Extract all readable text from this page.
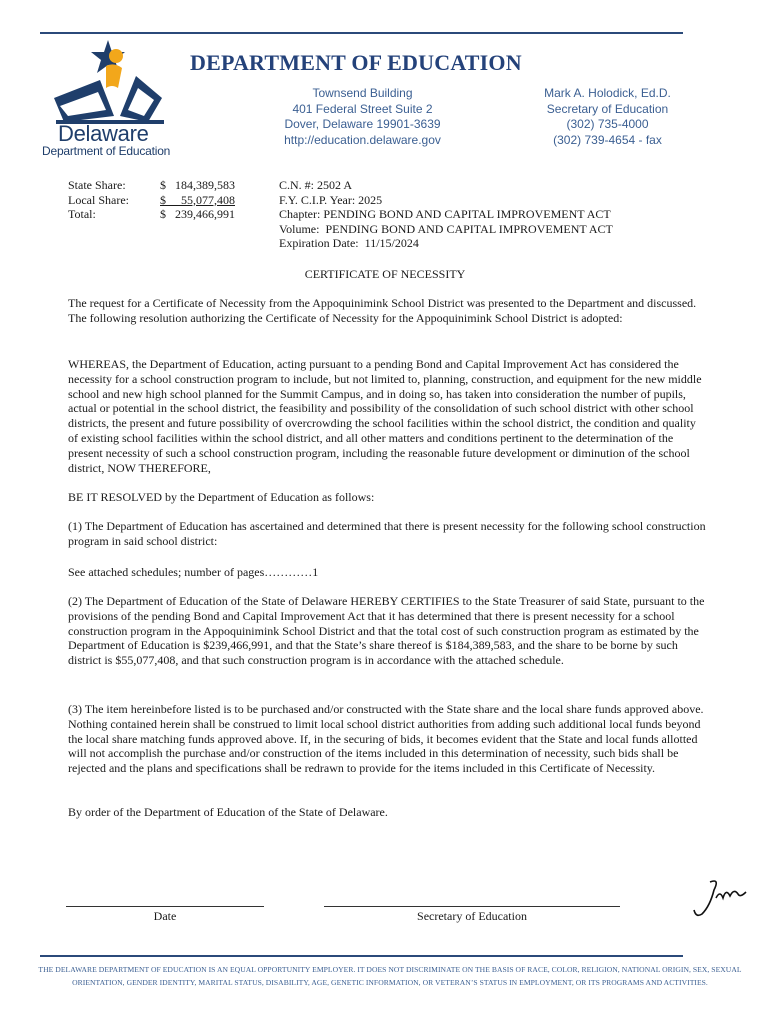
Delaware
Department of Education
DEPARTMENT OF EDUCATION
Townsend Building
401 Federal Street Suite 2
Dover, Delaware 19901-3639
http://education.delaware.gov
Mark A. Holodick, Ed.D.
Secretary of Education
(302) 735-4000
(302) 739-4654 - fax
State Share:	$   184,389,583
Local Share:	$     55,077,408
Total:	$   239,466,991
C.N. #: 2502 A
F.Y. C.I.P. Year: 2025
Chapter: PENDING BOND AND CAPITAL IMPROVEMENT ACT
Volume:  PENDING BOND AND CAPITAL IMPROVEMENT ACT
Expiration Date:  11/15/2024
CERTIFICATE OF NECESSITY
The request for a Certificate of Necessity from the Appoquinimink School District was presented to the Department and discussed. The following resolution authorizing the Certificate of Necessity for the Appoquinimink School District is adopted:
WHEREAS, the Department of Education, acting pursuant to a pending Bond and Capital Improvement Act has considered the necessity for a school construction program to include, but not limited to, planning, construction, and equipment for the new middle school and new high school planned for the Summit Campus, and in doing so, has taken into consideration the number of pupils, actual or potential in the school district, the feasibility and possibility of the consolidation of such school district with other school districts, the present and future possibility of overcrowding the school facilities within the school district, the condition and quality of existing school facilities within the school district, and all other matters and conditions pertinent to the determination of the present necessity of such a school construction program, including the reasonable future development or diminution of the school district, NOW THEREFORE,
BE IT RESOLVED by the Department of Education as follows:
(1) The Department of Education has ascertained and determined that there is present necessity for the following school construction program in said school district:
See attached schedules; number of pages…………1
(2) The Department of Education of the State of Delaware HEREBY CERTIFIES to the State Treasurer of said State, pursuant to the provisions of the pending Bond and Capital Improvement Act that it has determined that there is present necessity for a school construction program in the Appoquinimink School District and that the total cost of such construction program as estimated by the Department of Education is $239,466,991, and that the State’s share thereof is $184,389,583, and the share to be borne by such district is $55,077,408, and that such construction program is in accordance with the attached schedule.
(3) The item hereinbefore listed is to be purchased and/or constructed with the State share and the local share funds approved above. Nothing contained herein shall be construed to limit local school district authorities from adding such additional local funds beyond the local share matching funds approved above. If, in the securing of bids, it becomes evident that the State and local funds allotted will not accomplish the purchase and/or construction of the items included in this determination of necessity, such bids shall be rejected and the plans and specifications shall be redrawn to provide for the items included in this Certificate of Necessity.
By order of the Department of Education of the State of Delaware.
Date	Secretary of Education
THE DELAWARE DEPARTMENT OF EDUCATION IS AN EQUAL OPPORTUNITY EMPLOYER. IT DOES NOT DISCRIMINATE ON THE BASIS OF RACE, COLOR, RELIGION, NATIONAL ORIGIN, SEX, SEXUAL ORIENTATION, GENDER IDENTITY, MARITAL STATUS, DISABILITY, AGE, GENETIC INFORMATION, OR VETERAN’S STATUS IN EMPLOYMENT, OR ITS PROGRAMS AND ACTIVITIES.
